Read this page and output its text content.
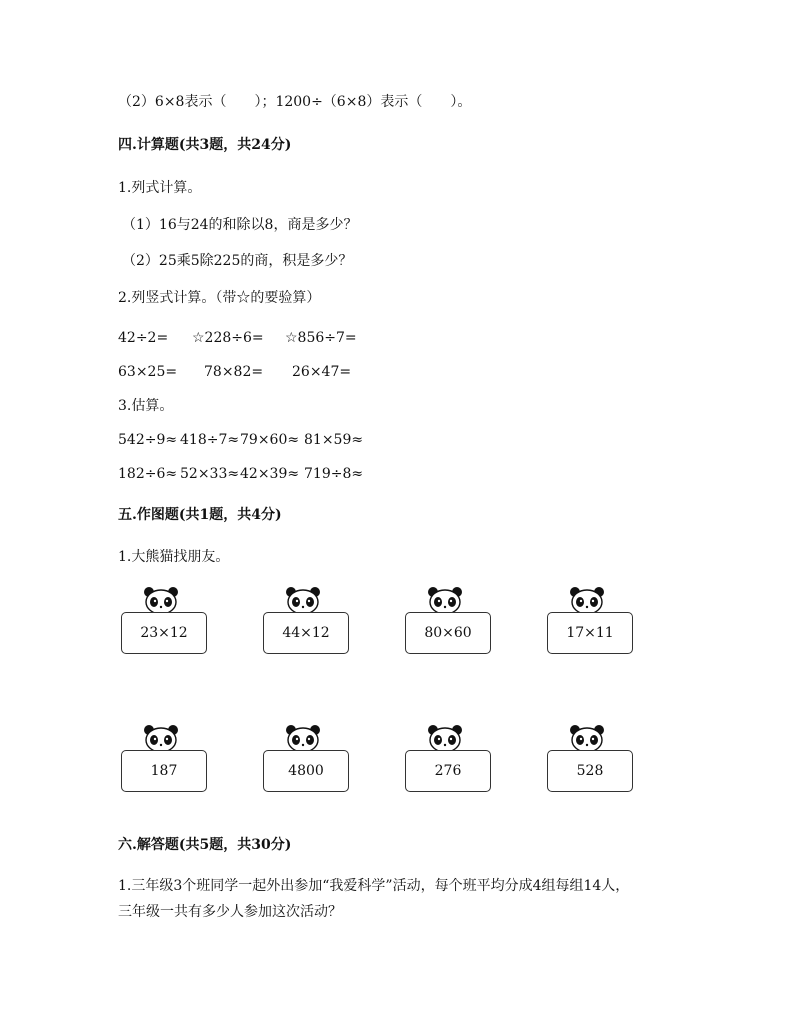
（2）6×8表示（　　）；1200÷（6×8）表示（　　）。
四.计算题(共3题，共24分)
1.列式计算。
（1）16与24的和除以8，商是多少？
（2）25乘5除225的商，积是多少？
2.列竖式计算。（带☆的要验算）
42÷2= ☆228÷6= ☆856÷7=
63×25= 78×82= 26×47=
3.估算。
542÷9≈ 418÷7≈ 79×60≈ 81×59≈
182÷6≈ 52×33≈ 42×39≈ 719÷8≈
五.作图题(共1题，共4分)
1.大熊猫找朋友。
23×12	44×12	80×60	17×11
187	4800	276	528
六.解答题(共5题，共30分)
1.三年级3个班同学一起外出参加“我爱科学”活动，每个班平均分成4组每组14人，
三年级一共有多少人参加这次活动？
